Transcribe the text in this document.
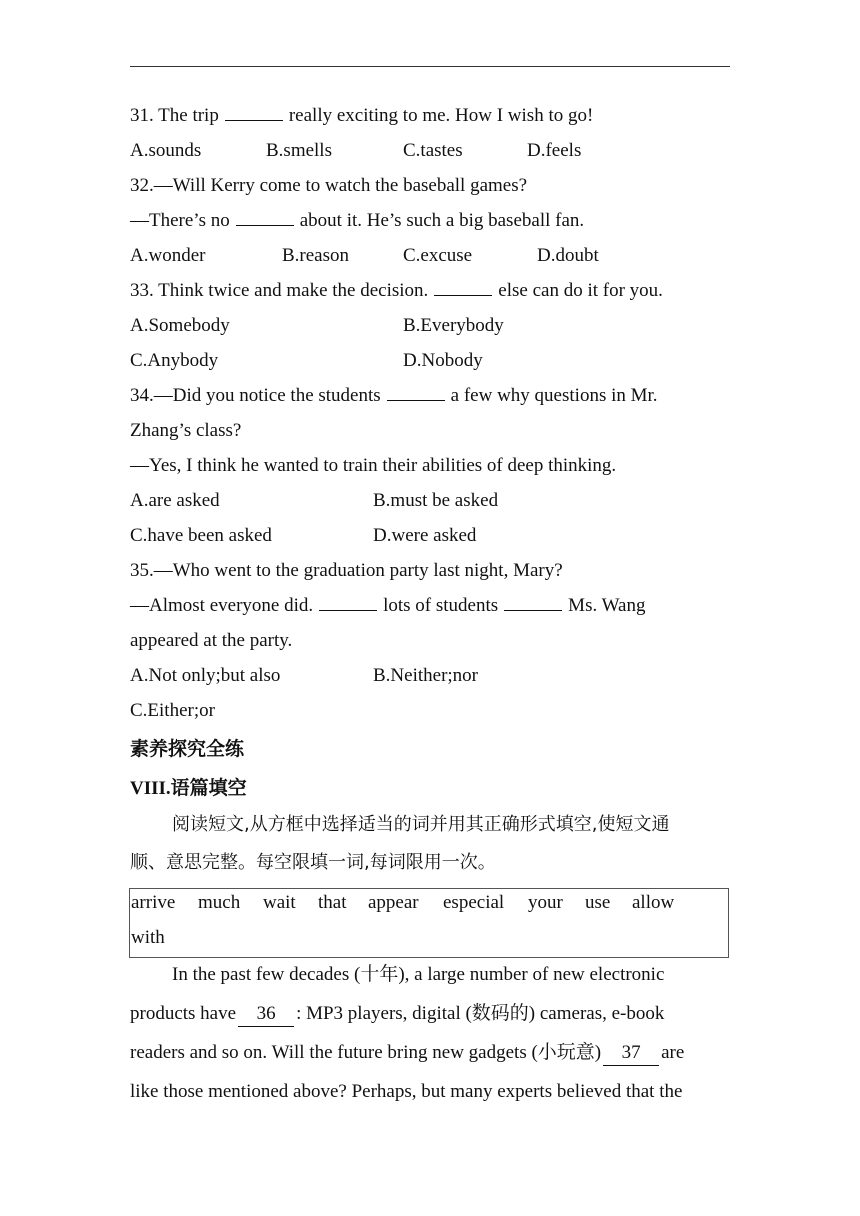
31. The trip	really exciting to me. How I wish to go!
A.sounds	B.smells	C.tastes	D.feels
32.—Will Kerry come to watch the baseball games?
—There’s no	about it. He’s such a big baseball fan.
A.wonder	B.reason	C.excuse	D.doubt
33. Think twice and make the decision.	else can do it for you.
A.Somebody	B.Everybody
C.Anybody	D.Nobody
34.—Did you notice the students	a few why questions in Mr.
Zhang’s class?
—Yes, I think he wanted to train their abilities of deep thinking.
A.are asked	B.must be asked
C.have been asked	D.were asked
35.—Who went to the graduation party last night, Mary?
—Almost everyone did.	lots of students	Ms. Wang
appeared at the party.
A.Not only;but also	B.Neither;nor
C.Either;or
素养探究全练
VIII.语篇填空
阅读短文,从方框中选择适当的词并用其正确形式填空,使短文通
顺、意思完整。每空限填一词,每词限用一次。
arrive much wait that appear especial your use allow
with
In the past few decades (十年), a large number of new electronic
products have 36 : MP3 players, digital (数码的) cameras, e-book
readers and so on. Will the future bring new gadgets (小玩意) 37 are
like those mentioned above? Perhaps, but many experts believed that the
